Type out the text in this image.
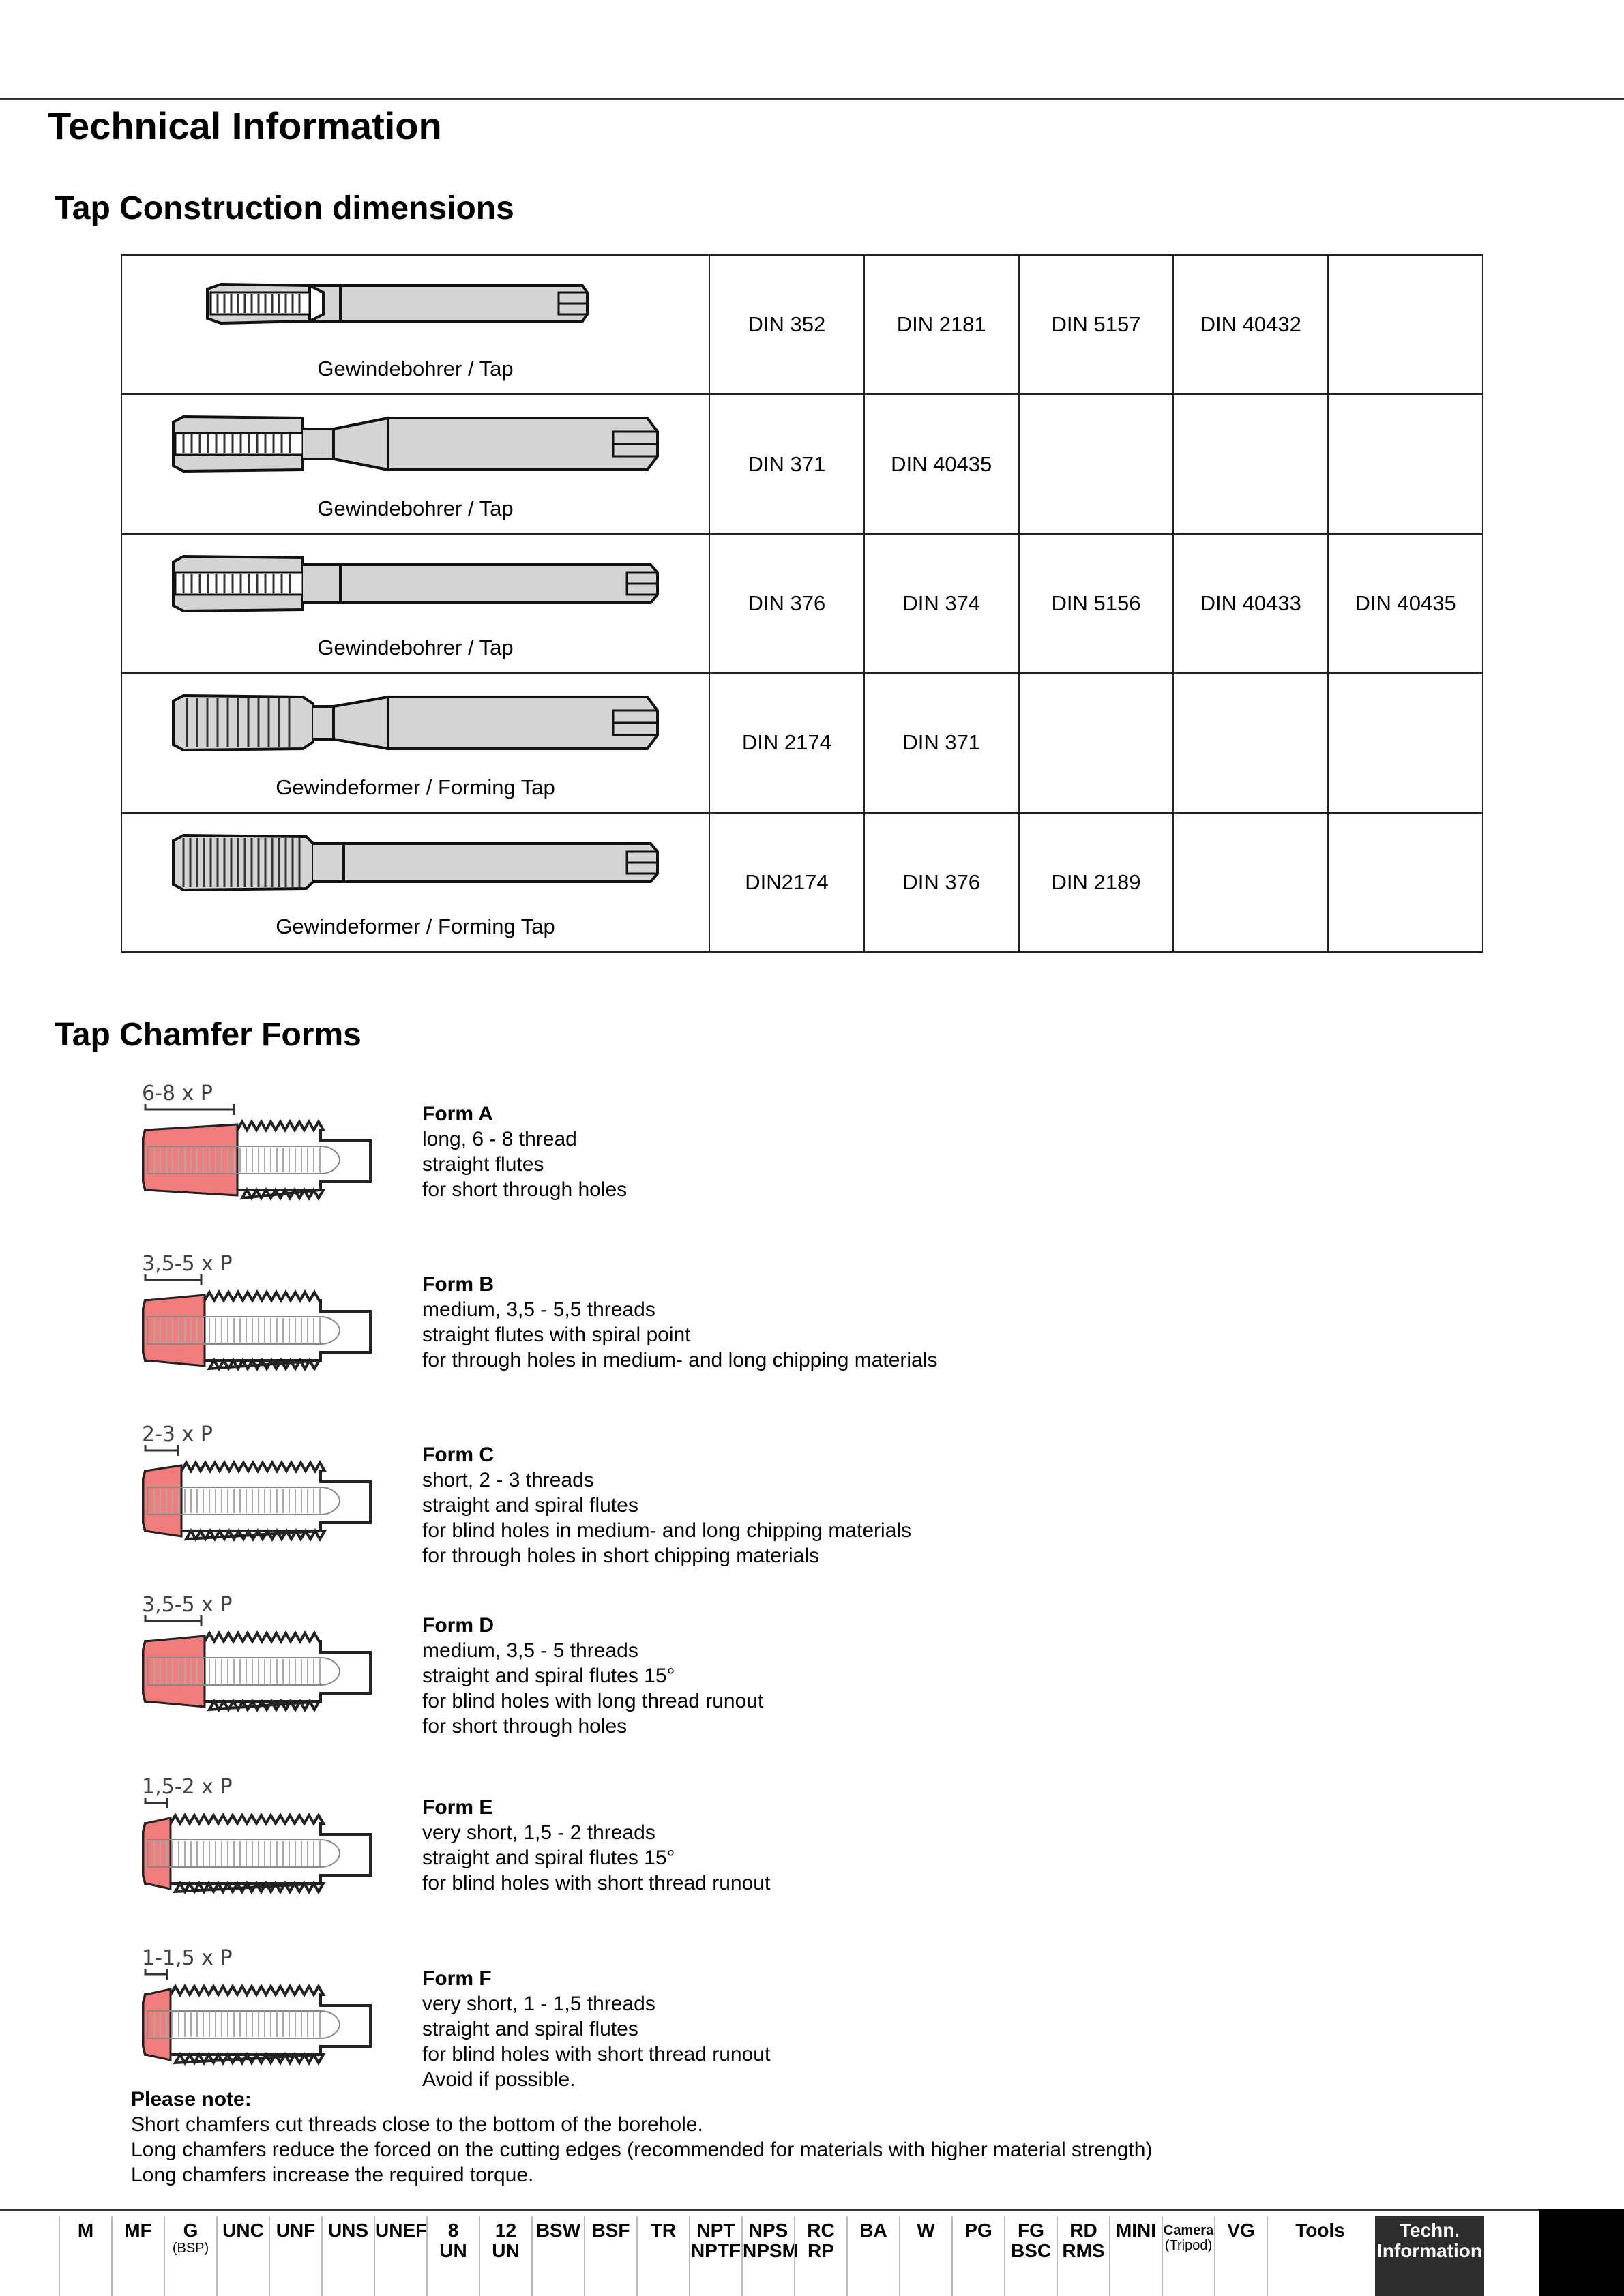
Technical Information
Tap Construction dimensions
Gewindebohrer / Tap	DIN 352	DIN 2181	DIN 5157	DIN 40432	

Gewindebohrer / Tap	DIN 371	DIN 40435			

Gewindebohrer / Tap	DIN 376	DIN 374	DIN 5156	DIN 40433	DIN 40435

Gewindeformer / Forming Tap	DIN 2174	DIN 371			

Gewindeformer / Forming Tap	DIN2174	DIN 376	DIN 2189		
Tap Chamfer Forms
6-8 x P
Form A
long, 6 - 8 thread
straight flutes
for short through holes
3,5-5 x P
Form B
medium, 3,5 - 5,5 threads
straight flutes with spiral point
for through holes in medium- and long chipping materials
2-3 x P
Form C
short, 2 - 3 threads
straight and spiral flutes
for blind holes in medium- and long chipping materials
for through holes in short chipping materials
3,5-5 x P
Form D
medium, 3,5 - 5 threads
straight and spiral flutes 15°
for blind holes with long thread runout
for short through holes
1,5-2 x P
Form E
very short, 1,5 - 2 threads
straight and spiral flutes 15°
for blind holes with short thread runout
1-1,5 x P
Form F
very short, 1 - 1,5 threads
straight and spiral flutes
for blind holes with short thread runout
Avoid if possible.
Please note:
Short chamfers cut threads close to the bottom of the borehole.
Long chamfers reduce the forced on the cutting edges (recommended for materials with higher material strength)
Long chamfers increase the required torque.
M	MF	G
(BSP)
UNC UNF UNS UNEF	8
UN
12
UN
BSW BSF	TR	NPT
NPTF
NPS
NPSM
RC
RP
BA	W	PG	FG
BSC
RD
RMS
MINI Camera
(Tripod)
VG	Tools	Techn.
Information
